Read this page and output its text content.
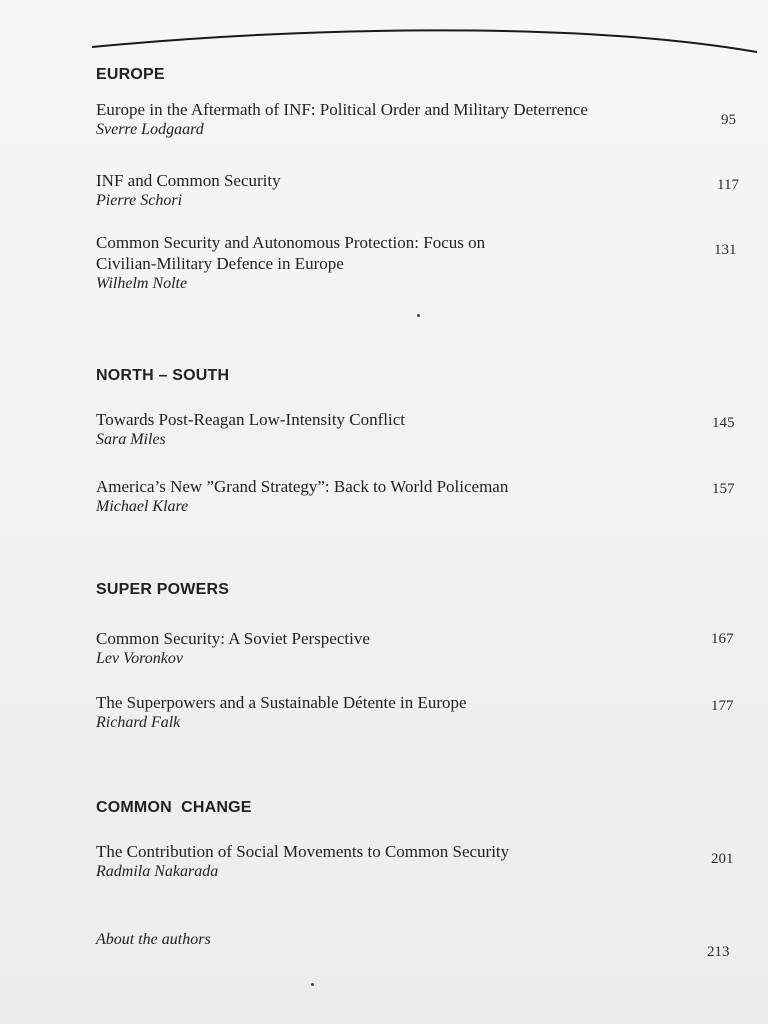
EUROPE
Europe in the Aftermath of INF: Political Order and Military Deterrence
Sverre Lodgaard
95
INF and Common Security
Pierre Schori
117
Common Security and Autonomous Protection: Focus on
Civilian-Military Defence in Europe
Wilhelm Nolte
131
NORTH – SOUTH
Towards Post-Reagan Low-Intensity Conflict
Sara Miles
145
America’s New ”Grand Strategy”: Back to World Policeman
Michael Klare
157
SUPER POWERS
Common Security: A Soviet Perspective
Lev Voronkov
167
The Superpowers and a Sustainable Détente in Europe
Richard Falk
177
COMMON  CHANGE
The Contribution of Social Movements to Common Security
Radmila Nakarada
201
About the authors
213
